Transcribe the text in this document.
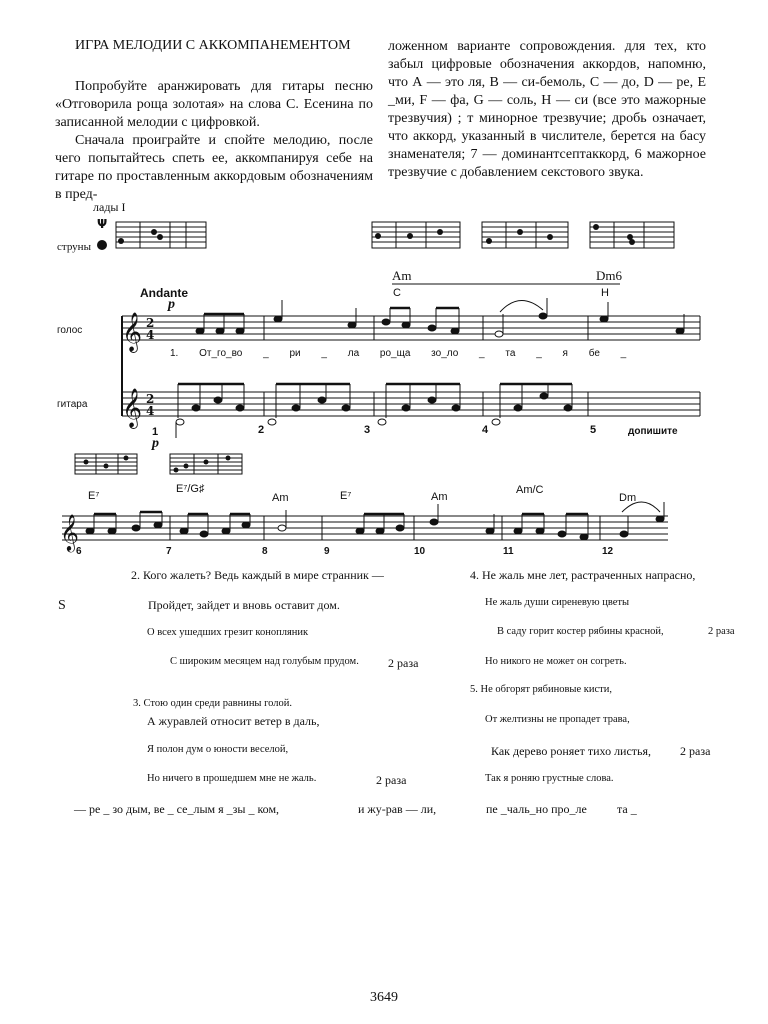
ИГРА МЕЛОДИИ С АККОМПАНЕМЕНТОМ

Попробуйте аранжировать для гитары песню «Отговорила роща золотая» на слова С. Есенина по записанной мелодии с цифровкой.

Сначала проиграйте и спойте мелодию, после чего попытайтесь спеть ее, аккомпанируя себе на гитаре по проставленным аккордовым обозначениям в пред-

ложенном варианте сопровождения. для тех, кто забыл цифровые обозначения аккордов, напомню, что А — это ля, В — си-бемоль, С — до, D — ре, Е _ми, F — фа, G — соль, Н — си (все это мажорные трезвучия) ; т минорное трезвучие; дробь означает, что аккорд, указанный в числителе, берется на басу знаменателя; 7 — доминантсептаккорд, 6 мажорное трезвучие с добавлением секстового звука.

лады I
струны
Andante
p
голос
гитара
Am
C
Dm6
H
1. От_го_во _ ри _ ла ро_ща зо_ло _ та _ я бе _
1	2	3	4	5	допишите
p
E⁷
E⁷/G♯
Am	E⁷	Am
Am/C
Dm
6	7	8	9	10	11	12
Ψ
𝄞
𝄞
2
4
2
4
𝄞
2. Кого жалеть? Ведь каждый в мире странник —
S	Пройдет, зайдет и вновь оставит дом.
О всех ушедших грезит конопляник
С широким месяцем над голубым прудом. 2 раза
3. Стою один среди равнины голой.
А журавлей относит ветер в даль,
Я полон дум о юности веселой,
Но ничего в прошедшем мне не жаль.	2 раза
4. Не жаль мне лет, растраченных напрасно,
Не жаль души сиреневую цветы
В саду горит костер рябины красной,	2 раза
Но никого не может он согреть.
5. Не обгорят рябиновые кисти,
От желтизны не пропадет трава,
Как дерево роняет тихо листья, 2 раза
Так я роняю грустные слова.
— ре _ зо дым, ве _ се_лым я _зы _ ком,	и жу-рав — ли,	пе _чаль_но про_ле	та _
3649
